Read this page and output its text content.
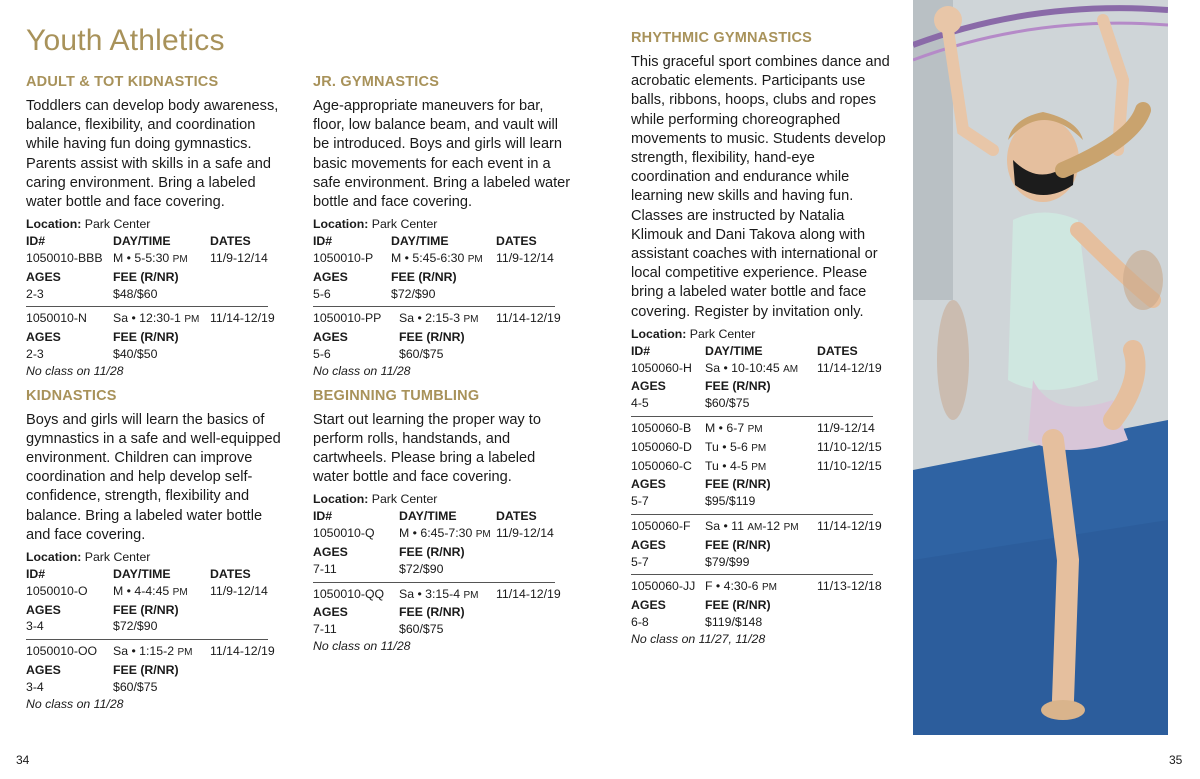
Youth Athletics
ADULT & TOT KIDNASTICS

Toddlers can develop body awareness, balance, flexibility, and coordination while having fun doing gymnastics. Parents assist with skills in a safe and caring environment. Bring a labeled water bottle and face covering.

Location: Park Center

ID#	DAY/TIME	DATES
1050010-BBB M • 5-5:30 PM	11/9-12/14
AGES	FEE (R/NR)
2-3	$48/$60
1050010-N	Sa • 12:30-1 PM 11/14-12/19
AGES	FEE (R/NR)
2-3	$40/$50

No class on 11/28

KIDNASTICS

Boys and girls will learn the basics of gymnastics in a safe and well-equipped environment. Children can improve coordination and help develop self-confidence, strength, flexibility and balance. Bring a labeled water bottle and face covering.

Location: Park Center

ID#	DAY/TIME	DATES
1050010-O	M • 4-4:45 PM	11/9-12/14
AGES	FEE (R/NR)
3-4	$72/$90
1050010-OO	Sa • 1:15-2 PM	11/14-12/19
AGES	FEE (R/NR)
3-4	$60/$75

No class on 11/28

JR. GYMNASTICS

Age-appropriate maneuvers for bar, floor, low balance beam, and vault will be introduced. Boys and girls will learn basic movements for each event in a safe environment. Bring a labeled water bottle and face covering.

Location: Park Center

ID#	DAY/TIME	DATES
1050010-P	M • 5:45-6:30 PM	11/9-12/14
AGES	FEE (R/NR)
5-6	$72/$90
1050010-PP	Sa • 2:15-3 PM	11/14-12/19
AGES	FEE (R/NR)
5-6	$60/$75

No class on 11/28

BEGINNING TUMBLING

Start out learning the proper way to perform rolls, handstands, and cartwheels. Please bring a labeled water bottle and face covering.

Location: Park Center

ID#	DAY/TIME	DATES
1050010-Q	M • 6:45-7:30 PM 11/9-12/14
AGES	FEE (R/NR)
7-11	$72/$90
1050010-QQ	Sa • 3:15-4 PM	11/14-12/19
AGES	FEE (R/NR)
7-11	$60/$75

No class on 11/28

RHYTHMIC GYMNASTICS

This graceful sport combines dance and acrobatic elements. Participants use balls, ribbons, hoops, clubs and ropes while performing choreographed movements to music. Students develop strength, flexibility, hand-eye coordination and endurance while learning new skills and having fun. Classes are instructed by Natalia Klimouk and Dani Takova along with assistant coaches with international or local competitive experience. Please bring a labeled water bottle and face covering. Register by invitation only.

Location: Park Center

ID#	DAY/TIME	DATES
1050060-H	Sa • 10-10:45 AM	11/14-12/19
AGES	FEE (R/NR)
4-5	$60/$75
1050060-B	M • 6-7 PM	11/9-12/14
1050060-D	Tu • 5-6 PM	11/10-12/15
1050060-C	Tu • 4-5 PM	11/10-12/15
AGES	FEE (R/NR)
5-7	$95/$119
1050060-F	Sa • 11 AM-12 PM	11/14-12/19
AGES	FEE (R/NR)
5-7	$79/$99
1050060-JJ F • 4:30-6 PM	11/13-12/18
AGES	FEE (R/NR)
6-8	$119/$148

No class on 11/27, 11/28

34	35
